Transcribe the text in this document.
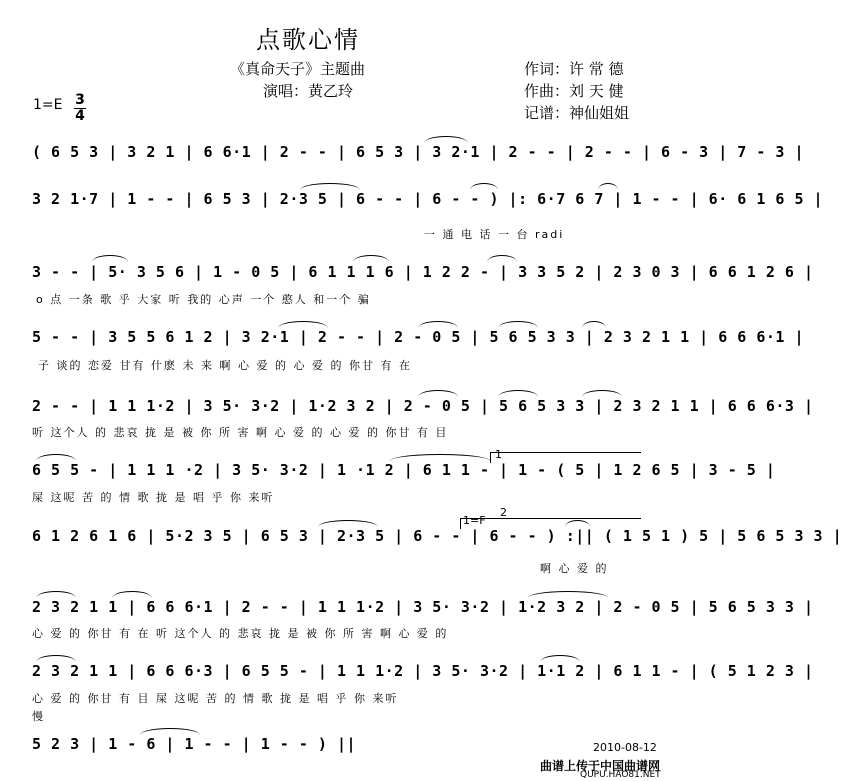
点歌心情
《真命天子》主题曲
演唱：黄乙玲
作词：许 常 德
作曲：刘 天 健
记谱：神仙姐姐
1=E 3
4
( 6 5 3 | 3 2 1 | 6 6·1 | 2 - - | 6 5 3 | 3 2·1 | 2 - - | 2 - - | 6 - 3 | 7 - 3 |
3 2 1·7 | 1 - - | 6 5 3 | 2·3 5 | 6 - - | 6 - - ) |: 6·7 6 7 | 1 - - | 6· 6 1 6 5 |
一 通 电 话 一 台 radi
3 - - | 5· 3 5 6 | 1 - 0 5 | 6 1 1 1 6 | 1 2 2 - | 3 3 5 2 | 2 3 0 3 | 6 6 1 2 6 |
o 点 一条 歌 乎 大家 听 我的 心声 一个 憨人 和一个 骗
5 - - | 3 5 5 6 1 2 | 3 2·1 | 2 - - | 2 - 0 5 | 5 6 5 3 3 | 2 3 2 1 1 | 6 6 6·1 |
子 谈的 恋爱 甘有 什麽 未 来 啊 心 爱 的 心 爱 的 你甘 有 在
2 - - | 1 1 1·2 | 3 5· 3·2 | 1·2 3 2 | 2 - 0 5 | 5 6 5 3 3 | 2 3 2 1 1 | 6 6 6·3 |
听 这个人 的 悲哀 拢 是 被 你 所 害 啊 心 爱 的 心 爱 的 你甘 有 目
6 5 5 - | 1 1 1 ·2 | 3 5· 3·2 | 1 ·1 2 | 6 1 1 - | 1 - ( 5 | 1 2 6 5 | 3 - 5 |
屎 这呢 苦 的 情 歌 拢 是 唱 乎 你 来听
1=F
6 1 2 6 1 6 | 5·2 3 5 | 6 5 3 | 2·3 5 | 6 - - | 6 - - ) :|| ( 1 5 1 ) 5 | 5 6 5 3 3 |
啊 心 爱 的
2 3 2 1 1 | 6 6 6·1 | 2 - - | 1 1 1·2 | 3 5· 3·2 | 1·2 3 2 | 2 - 0 5 | 5 6 5 3 3 |
心 爱 的 你甘 有 在 听 这个人 的 悲哀 拢 是 被 你 所 害 啊 心 爱 的
2 3 2 1 1 | 6 6 6·3 | 6 5 5 - | 1 1 1·2 | 3 5· 3·2 | 1·1 2 | 6 1 1 - | ( 5 1 2 3 |
心 爱 的 你甘 有 目 屎 这呢 苦 的 情 歌 拢 是 唱 乎 你 来听
慢
5 2 3 | 1 - 6 | 1 - - | 1 - - ) ||
1
2
2010-08-12
曲谱上传于中国曲谱网
QUPU.HAO81.NET
